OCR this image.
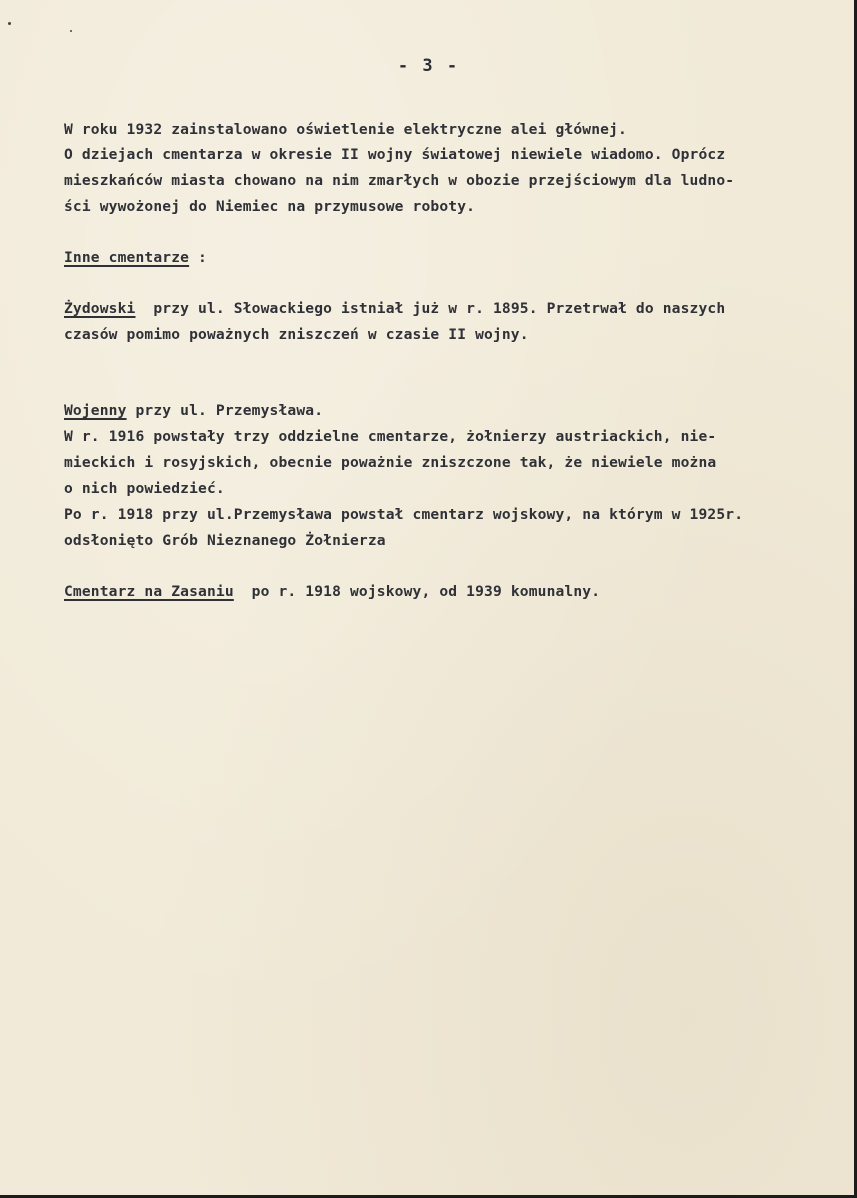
- 3 -
W roku 1932 zainstalowano oświetlenie elektryczne alei głównej.
O dziejach cmentarza w okresie II wojny światowej niewiele wiadomo. Oprócz
mieszkańców miasta chowano na nim zmarłych w obozie przejściowym dla ludno-
ści wywożonej do Niemiec na przymusowe roboty.
Inne cmentarze :
Żydowski  przy ul. Słowackiego istniał już w r. 1895. Przetrwał do naszych
czasów pomimo poważnych zniszczeń w czasie II wojny.
Wojenny przy ul. Przemysława.
W r. 1916 powstały trzy oddzielne cmentarze, żołnierzy austriackich, nie-
mieckich i rosyjskich, obecnie poważnie zniszczone tak, że niewiele można
o nich powiedzieć.
Po r. 1918 przy ul.Przemysława powstał cmentarz wojskowy, na którym w 1925r.
odsłonięto Grób Nieznanego Żołnierza
Cmentarz na Zasaniu  po r. 1918 wojskowy, od 1939 komunalny.
